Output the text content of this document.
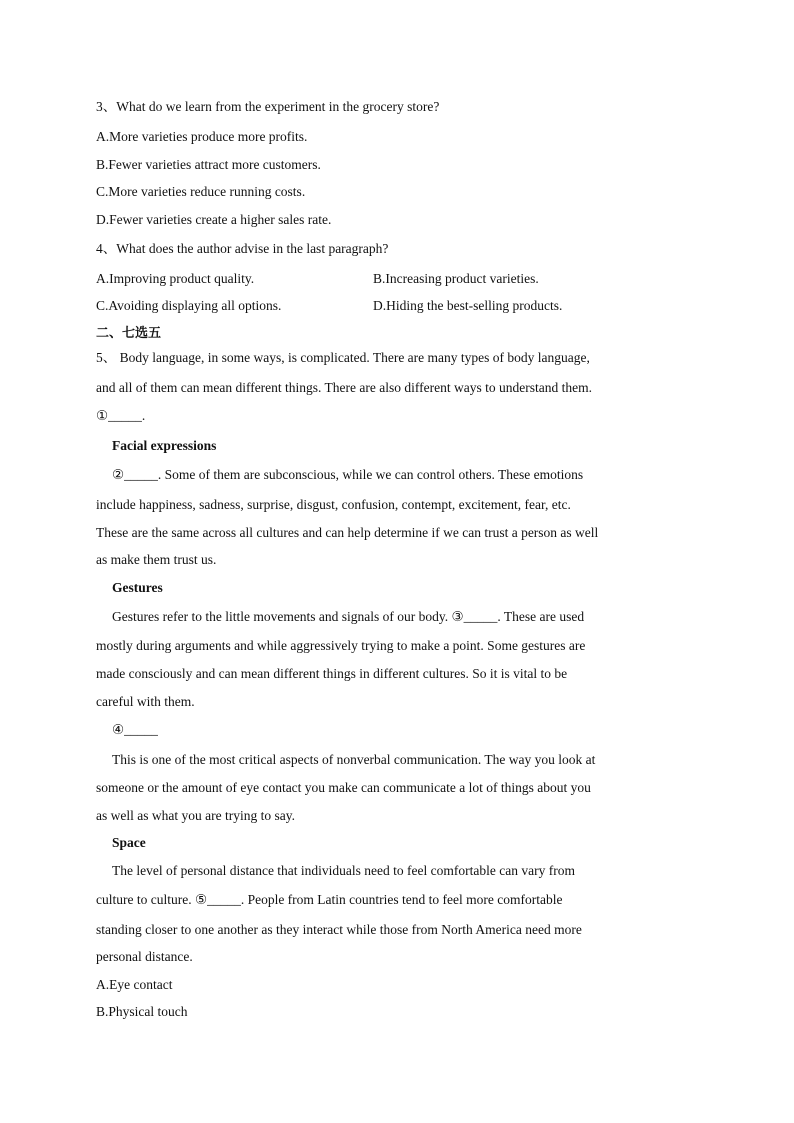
3、What do we learn from the experiment in the grocery store?
A.More varieties produce more profits.
B.Fewer varieties attract more customers.
C.More varieties reduce running costs.
D.Fewer varieties create a higher sales rate.
4、What does the author advise in the last paragraph?
A.Improving product quality.	B.Increasing product varieties.
C.Avoiding displaying all options.	D.Hiding the best-selling products.
二、七选五
5、 Body language, in some ways, is complicated. There are many types of body language,
and all of them can mean different things. There are also different ways to understand them.
①_____.
Facial expressions
②_____. Some of them are subconscious, while we can control others. These emotions
include happiness, sadness, surprise, disgust, confusion, contempt, excitement, fear, etc.
These are the same across all cultures and can help determine if we can trust a person as well
as make them trust us.
Gestures
Gestures refer to the little movements and signals of our body. ③_____. These are used
mostly during arguments and while aggressively trying to make a point. Some gestures are
made consciously and can mean different things in different cultures. So it is vital to be
careful with them.
④_____
This is one of the most critical aspects of nonverbal communication. The way you look at
someone or the amount of eye contact you make can communicate a lot of things about you
as well as what you are trying to say.
Space
The level of personal distance that individuals need to feel comfortable can vary from
culture to culture. ⑤_____. People from Latin countries tend to feel more comfortable
standing closer to one another as they interact while those from North America need more
personal distance.
A.Eye contact
B.Physical touch
